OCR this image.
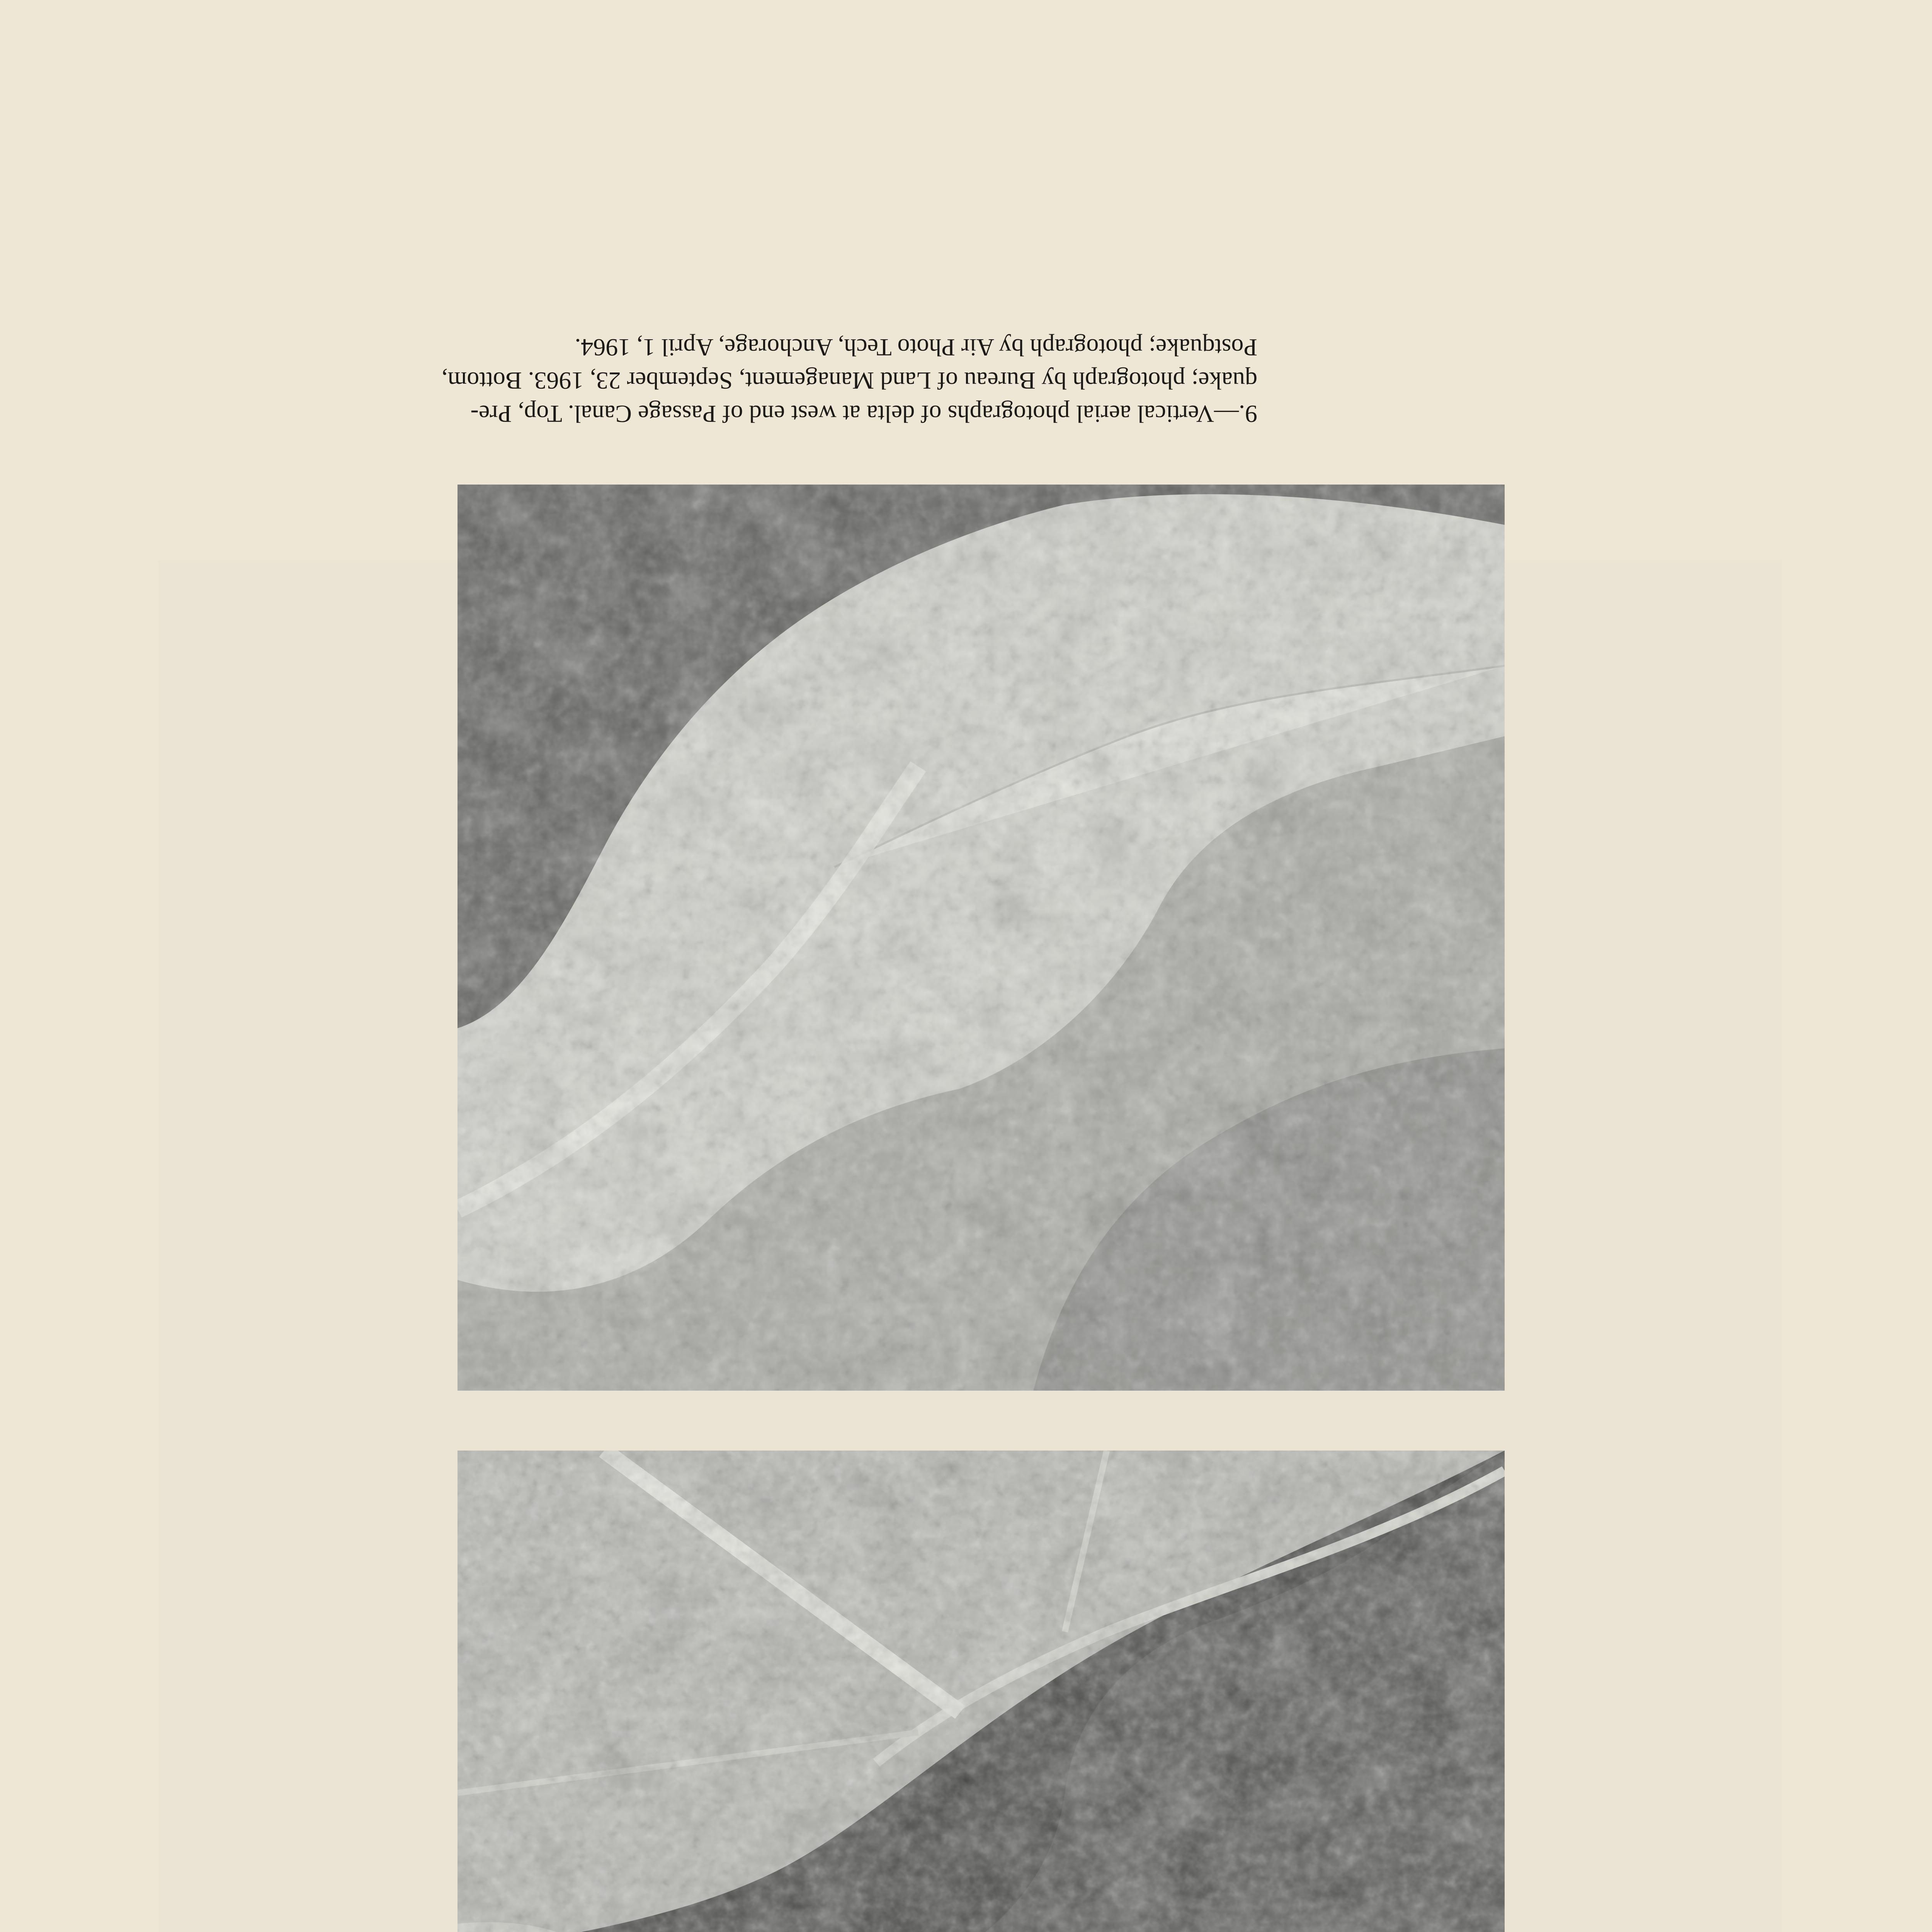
9.—Vertical aerial photographs of delta at west end of Passage Canal. Top, Pre-

quake; photograph by Bureau of Land Management, September 23, 1963. Bottom,

Postquake; photograph by Air Photo Tech, Anchorage, April 1, 1964.
